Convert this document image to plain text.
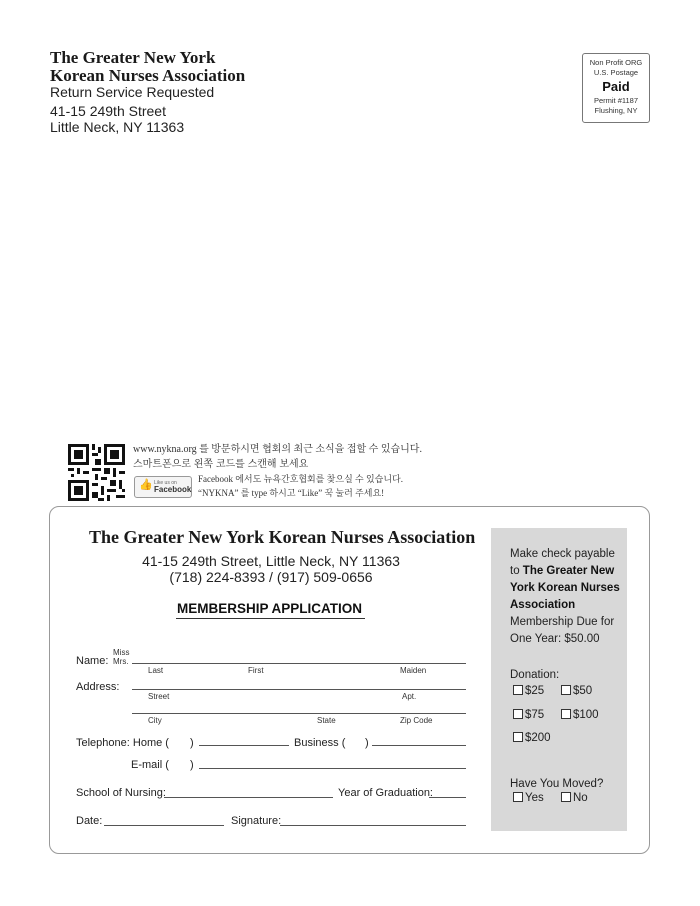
The Greater New York
Korean Nurses Association
Return Service Requested
41-15 249th Street
Little Neck, NY 11363
Non Profit ORG
U.S. Postage
Paid
Permit #1187
Flushing, NY
www.nykna.org 를 방문하시면 협회의 최근 소식을 접할 수 있습니다.
스마트폰으로 왼쪽 코드를 스캔해 보세요
Facebook 에서도 뉴욕간호협회를 찾으실 수 있습니다.
“NYKNA” 를 type 하시고 “Like” 꾹 눌러 주세요!
👍 Like us on
Facebook
The Greater New York Korean Nurses Association
41-15 249th Street, Little Neck, NY 11363
(718) 224-8393 / (917) 509-0656
MEMBERSHIP APPLICATION
Miss
Mrs.
Name:
Last	First	Maiden
Address:
Street	Apt.
City	State	Zip Code
Telephone: Home ( )	Business ( )
E-mail ( )
School of Nursing:	Year of Graduation:
Date:	Signature:
Make check payable
to The Greater New
York Korean Nurses
Association
Membership Due for
One Year: $50.00
Donation:
$25	$50
$75	$100
$200
Have You Moved?
Yes	No
